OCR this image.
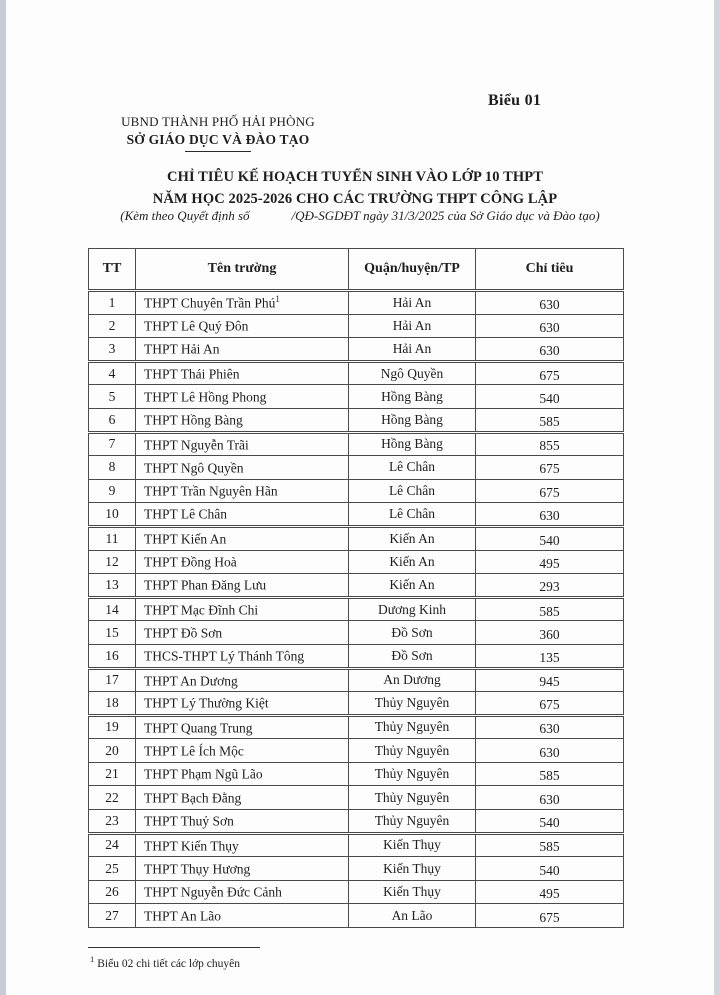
Biểu 01
UBND THÀNH PHỐ HẢI PHÒNG
SỞ GIÁO DỤC VÀ ĐÀO TẠO
CHỈ TIÊU KẾ HOẠCH TUYỂN SINH VÀO LỚP 10 THPT
NĂM HỌC 2025-2026 CHO CÁC TRƯỜNG THPT CÔNG LẬP
(Kèm theo Quyết định số	/QĐ-SGDĐT ngày 31/3/2025 của Sở Giáo dục và Đào tạo)
TT	Tên trường	Quận/huyện/TP	Chỉ tiêu
1	THPT Chuyên Trần Phú$^1$	Hải An	630
2	THPT Lê Quý Đôn	Hải An	630
3	THPT Hải An	Hải An	630
4	THPT Thái Phiên	Ngô Quyền	675
5	THPT Lê Hồng Phong	Hồng Bàng	540
6	THPT Hồng Bàng	Hồng Bàng	585
7	THPT Nguyễn Trãi	Hồng Bàng	855
8	THPT Ngô Quyền	Lê Chân	675
9	THPT Trần Nguyên Hãn	Lê Chân	675
10	THPT Lê Chân	Lê Chân	630
11	THPT Kiến An	Kiến An	540
12	THPT Đồng Hoà	Kiến An	495
13	THPT Phan Đăng Lưu	Kiến An	293
14	THPT Mạc Đĩnh Chi	Dương Kinh	585
15	THPT Đồ Sơn	Đồ Sơn	360
16	THCS-THPT Lý Thánh Tông	Đồ Sơn	135
17	THPT An Dương	An Dương	945
18	THPT Lý Thường Kiệt	Thủy Nguyên	675
19	THPT Quang Trung	Thủy Nguyên	630
20	THPT Lê Ích Mộc	Thủy Nguyên	630
21	THPT Phạm Ngũ Lão	Thủy Nguyên	585
22	THPT Bạch Đằng	Thủy Nguyên	630
23	THPT Thuỷ Sơn	Thủy Nguyên	540
24	THPT Kiến Thụy	Kiến Thụy	585
25	THPT Thụy Hương	Kiến Thụy	540
26	THPT Nguyễn Đức Cảnh	Kiến Thụy	495
27	THPT An Lão	An Lão	675
$^1$ Biểu 02 chi tiết các lớp chuyên
